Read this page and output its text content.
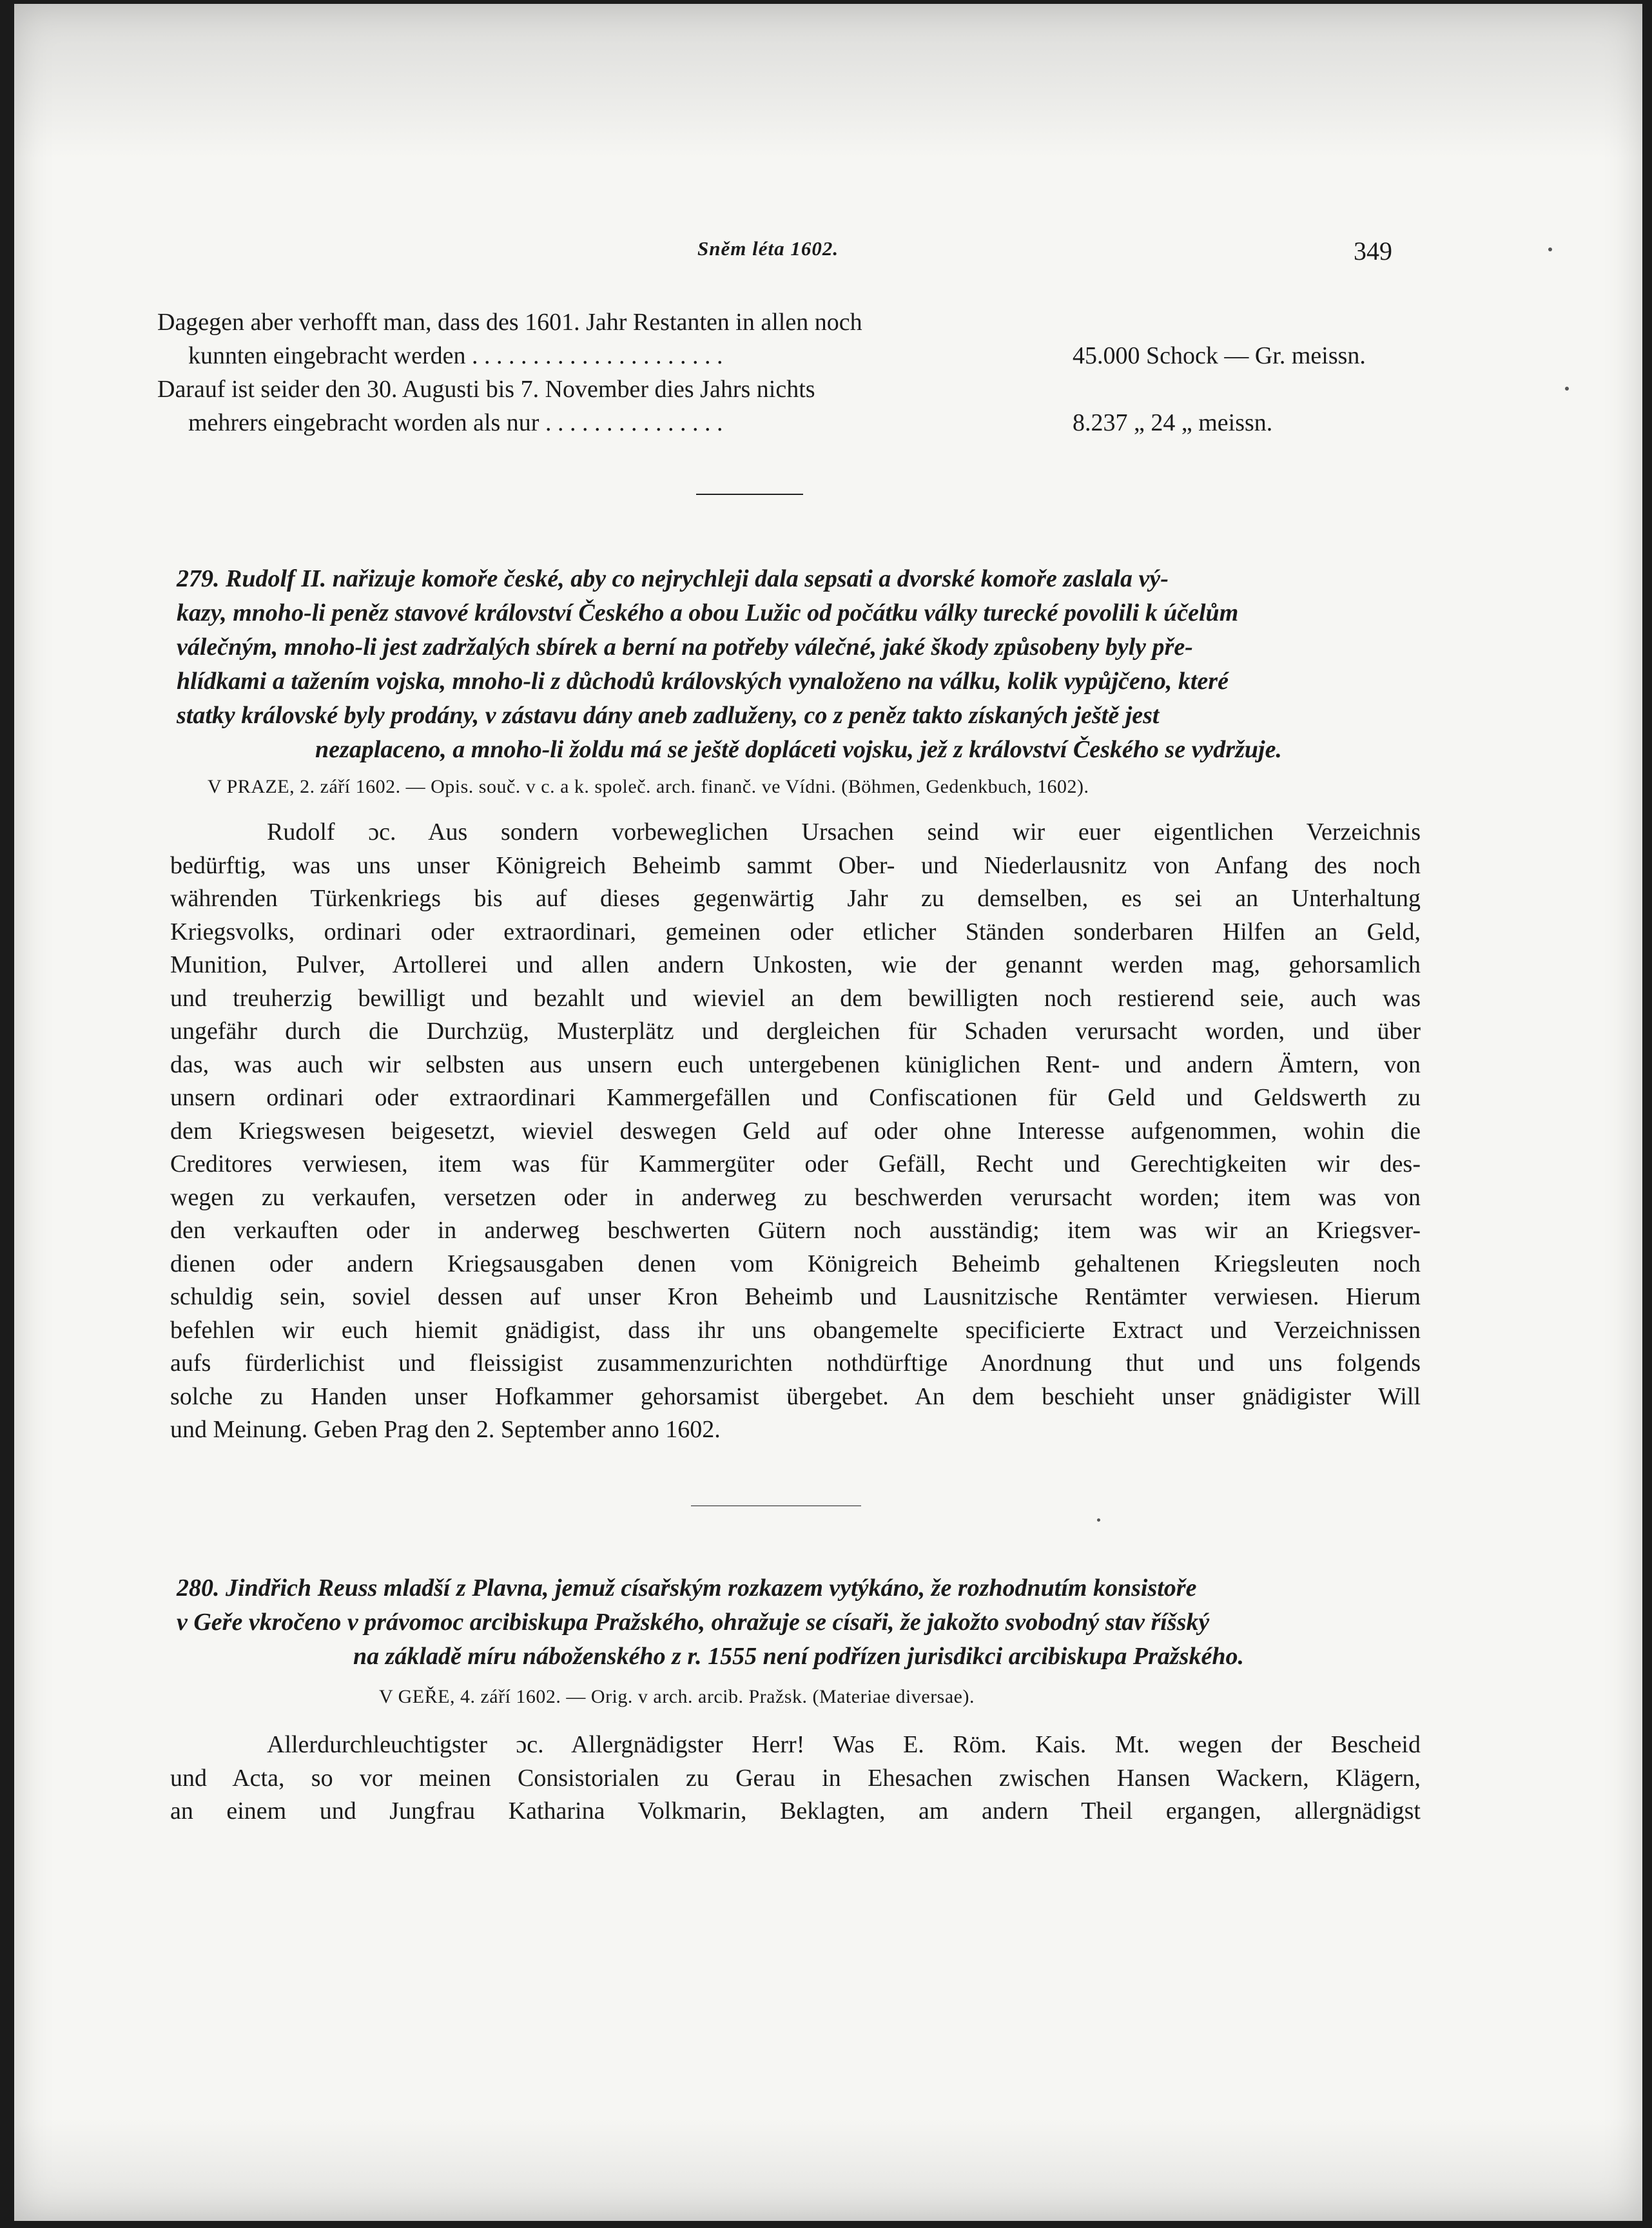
Sněm léta 1602.	349
Dagegen aber verhofft man, dass des 1601. Jahr Restanten in allen noch
kunnten eingebracht werden . . . . . . . . . . . . . . . . . . . . .	45.000 Schock — Gr. meissn.
Darauf ist seider den 30. Augusti bis 7. November dies Jahrs nichts
mehrers eingebracht worden als nur . . . . . . . . . . . . . . .	8.237 „ 24 „ meissn.
279. Rudolf II. nařizuje komoře české, aby co nejrychleji dala sepsati a dvorské komoře zaslala vý-
kazy, mnoho-li peněz stavové království Českého a obou Lužic od počátku války turecké povolili k účelům
válečným, mnoho-li jest zadržalých sbírek a berní na potřeby válečné, jaké škody způsobeny byly pře-
hlídkami a tažením vojska, mnoho-li z důchodů královských vynaloženo na válku, kolik vypůjčeno, které
statky královské byly prodány, v zástavu dány aneb zadluženy, co z peněz takto získaných ještě jest
nezaplaceno, a mnoho-li žoldu má se ještě dopláceti vojsku, jež z království Českého se vydržuje.
V PRAZE, 2. září 1602. — Opis. souč. v c. a k. společ. arch. finanč. ve Vídni. (Böhmen, Gedenkbuch, 1602).
Rudolf ɔc. Aus sondern vorbeweglichen Ursachen seind wir euer eigentlichen Verzeichnis
bedürftig, was uns unser Königreich Beheimb sammt Ober- und Niederlausnitz von Anfang des noch
währenden Türkenkriegs bis auf dieses gegenwärtig Jahr zu demselben, es sei an Unterhaltung
Kriegsvolks, ordinari oder extraordinari, gemeinen oder etlicher Ständen sonderbaren Hilfen an Geld,
Munition, Pulver, Artollerei und allen andern Unkosten, wie der genannt werden mag, gehorsamlich
und treuherzig bewilligt und bezahlt und wieviel an dem bewilligten noch restierend seie, auch was
ungefähr durch die Durchzüg, Musterplätz und dergleichen für Schaden verursacht worden, und über
das, was auch wir selbsten aus unsern euch untergebenen küniglichen Rent- und andern Ämtern, von
unsern ordinari oder extraordinari Kammergefällen und Confiscationen für Geld und Geldswerth zu
dem Kriegswesen beigesetzt, wieviel deswegen Geld auf oder ohne Interesse aufgenommen, wohin die
Creditores verwiesen, item was für Kammergüter oder Gefäll, Recht und Gerechtigkeiten wir des-
wegen zu verkaufen, versetzen oder in anderweg zu beschwerden verursacht worden; item was von
den verkauften oder in anderweg beschwerten Gütern noch ausständig; item was wir an Kriegsver-
dienen oder andern Kriegsausgaben denen vom Königreich Beheimb gehaltenen Kriegsleuten noch
schuldig sein, soviel dessen auf unser Kron Beheimb und Lausnitzische Rentämter verwiesen. Hierum
befehlen wir euch hiemit gnädigist, dass ihr uns obangemelte specificierte Extract und Verzeichnissen
aufs fürderlichist und fleissigist zusammenzurichten nothdürftige Anordnung thut und uns folgends
solche zu Handen unser Hofkammer gehorsamist übergebet. An dem beschieht unser gnädigister Will
und Meinung. Geben Prag den 2. September anno 1602.
280. Jindřich Reuss mladší z Plavna, jemuž císařským rozkazem vytýkáno, že rozhodnutím konsistoře
v Geře vkročeno v právomoc arcibiskupa Pražského, ohražuje se císaři, že jakožto svobodný stav říšský
na základě míru náboženského z r. 1555 není podřízen jurisdikci arcibiskupa Pražského.
V GEŘE, 4. září 1602. — Orig. v arch. arcib. Pražsk. (Materiae diversae).
Allerdurchleuchtigster ɔc. Allergnädigster Herr! Was E. Röm. Kais. Mt. wegen der Bescheid
und Acta, so vor meinen Consistorialen zu Gerau in Ehesachen zwischen Hansen Wackern, Klägern,
an einem und Jungfrau Katharina Volkmarin, Beklagten, am andern Theil ergangen, allergnädigst
